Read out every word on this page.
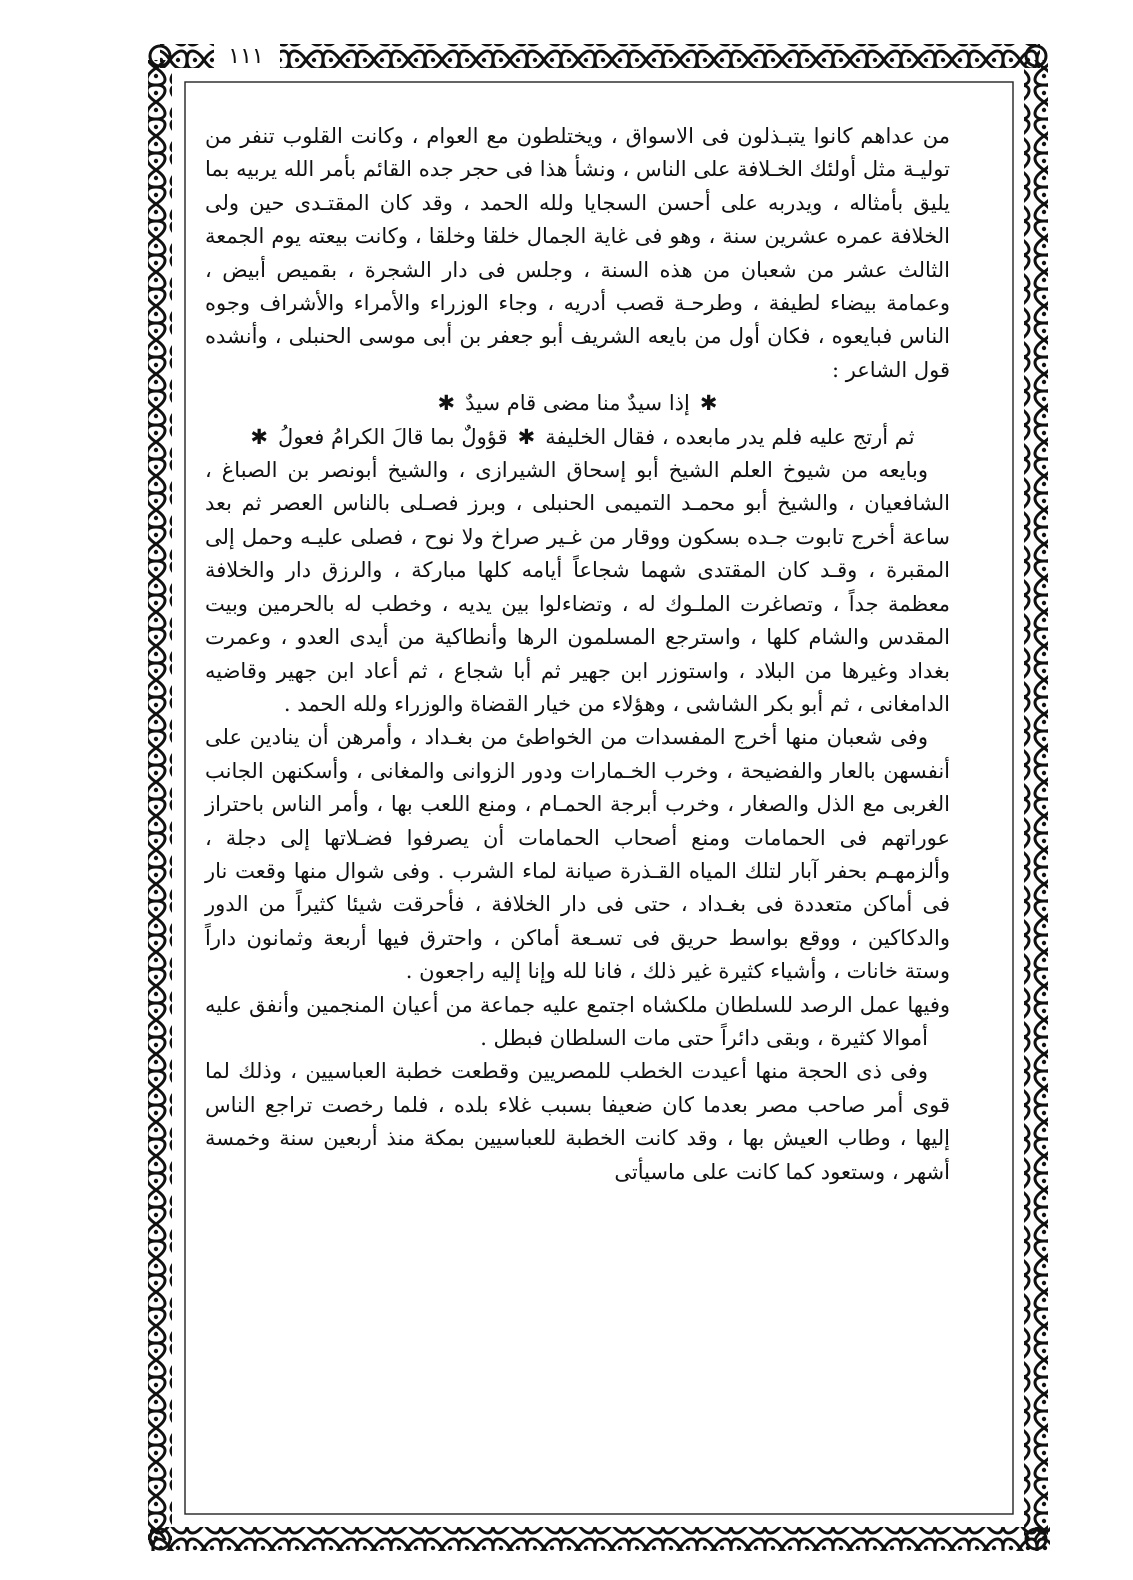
١١١

من عداهم كانوا يتبـذلون فى الاسواق ، ويختلطون مع العوام ، وكانت القلوب تنفر من توليـة مثل أولئك الخـلافة على الناس ، ونشأ هذا فى حجر جده القائم بأمر الله يربيه بما يليق بأمثاله ، ويدربه على أحسن السجايا ولله الحمد ، وقد كان المقتـدى حين ولى الخلافة عمره عشرين سنة ، وهو فى غاية الجمال خلقا وخلقا ، وكانت بيعته يوم الجمعة الثالث عشر من شعبان من هذه السنة ، وجلس فى دار الشجرة ، بقميص أبيض ، وعمامة بيضاء لطيفة ، وطرحـة قصب أدريه ، وجاء الوزراء والأمراء والأشراف وجوه الناس فبايعوه ، فكان أول من بايعه الشريف أبو جعفر بن أبى موسى الحنبلى ، وأنشده قول الشاعر :

✱إذا سيدٌ منا مضى قام سيدٌ✱

ثم أرتج عليه فلم يدر مابعده ، فقال الخليفة✱قؤولٌ بما قالَ الكرامُ فعولُ✱

وبايعه من شيوخ العلم الشيخ أبو إسحاق الشيرازى ، والشيخ أبونصر بن الصباغ ، الشافعيان ، والشيخ أبو محمـد التميمى الحنبلى ، وبرز فصـلى بالناس العصر ثم بعد ساعة أخرج تابوت جـده بسكون ووقار من غـير صراخ ولا نوح ، فصلى عليـه وحمل إلى المقبرة ، وقـد كان المقتدى شهما شجاعاً أيامه كلها مباركة ، والرزق دار والخلافة معظمة جداً ، وتصاغرت الملـوك له ، وتضاءلوا بين يديه ، وخطب له بالحرمين وبيت المقدس والشام كلها ، واسترجع المسلمون الرها وأنطاكية من أيدى العدو ، وعمرت بغداد وغيرها من البلاد ، واستوزر ابن جهير ثم أبا شجاع ، ثم أعاد ابن جهير وقاضيه الدامغانى ، ثم أبو بكر الشاشى ، وهؤلاء من خيار القضاة والوزراء ولله الحمد .

وفى شعبان منها أخرج المفسدات من الخواطئ من بغـداد ، وأمرهن أن ينادين على أنفسهن بالعار والفضيحة ، وخرب الخـمارات ودور الزوانى والمغانى ، وأسكنهن الجانب الغربى مع الذل والصغار ، وخرب أبرجة الحمـام ، ومنع اللعب بها ، وأمر الناس باحتراز عوراتهم فى الحمامات ومنع أصحاب الحمامات أن يصرفوا فضـلاتها إلى دجلة ، وألزمهـم بحفر آبار لتلك المياه القـذرة صيانة لماء الشرب . وفى شوال منها وقعت نار فى أماكن متعددة فى بغـداد ، حتى فى دار الخلافة ، فأحرقت شيئا كثيراً من الدور والدكاكين ، ووقع بواسط حريق فى تسـعة أماكن ، واحترق فيها أربعة وثمانون داراً وستة خانات ، وأشياء كثيرة غير ذلك ، فانا لله وإنا إليه راجعون .

وفيها عمل الرصد للسلطان ملكشاه اجتمع عليه جماعة من أعيان المنجمين وأنفق عليه أموالا كثيرة ، وبقى دائراً حتى مات السلطان فبطل .

وفى ذى الحجة منها أعيدت الخطب للمصريين وقطعت خطبة العباسيين ، وذلك لما قوى أمر صاحب مصر بعدما كان ضعيفا بسبب غلاء بلده ، فلما رخصت تراجع الناس إليها ، وطاب العيش بها ، وقد كانت الخطبة للعباسيين بمكة منذ أربعين سنة وخمسة أشهر ، وستعود كما كانت على ماسيأتى
